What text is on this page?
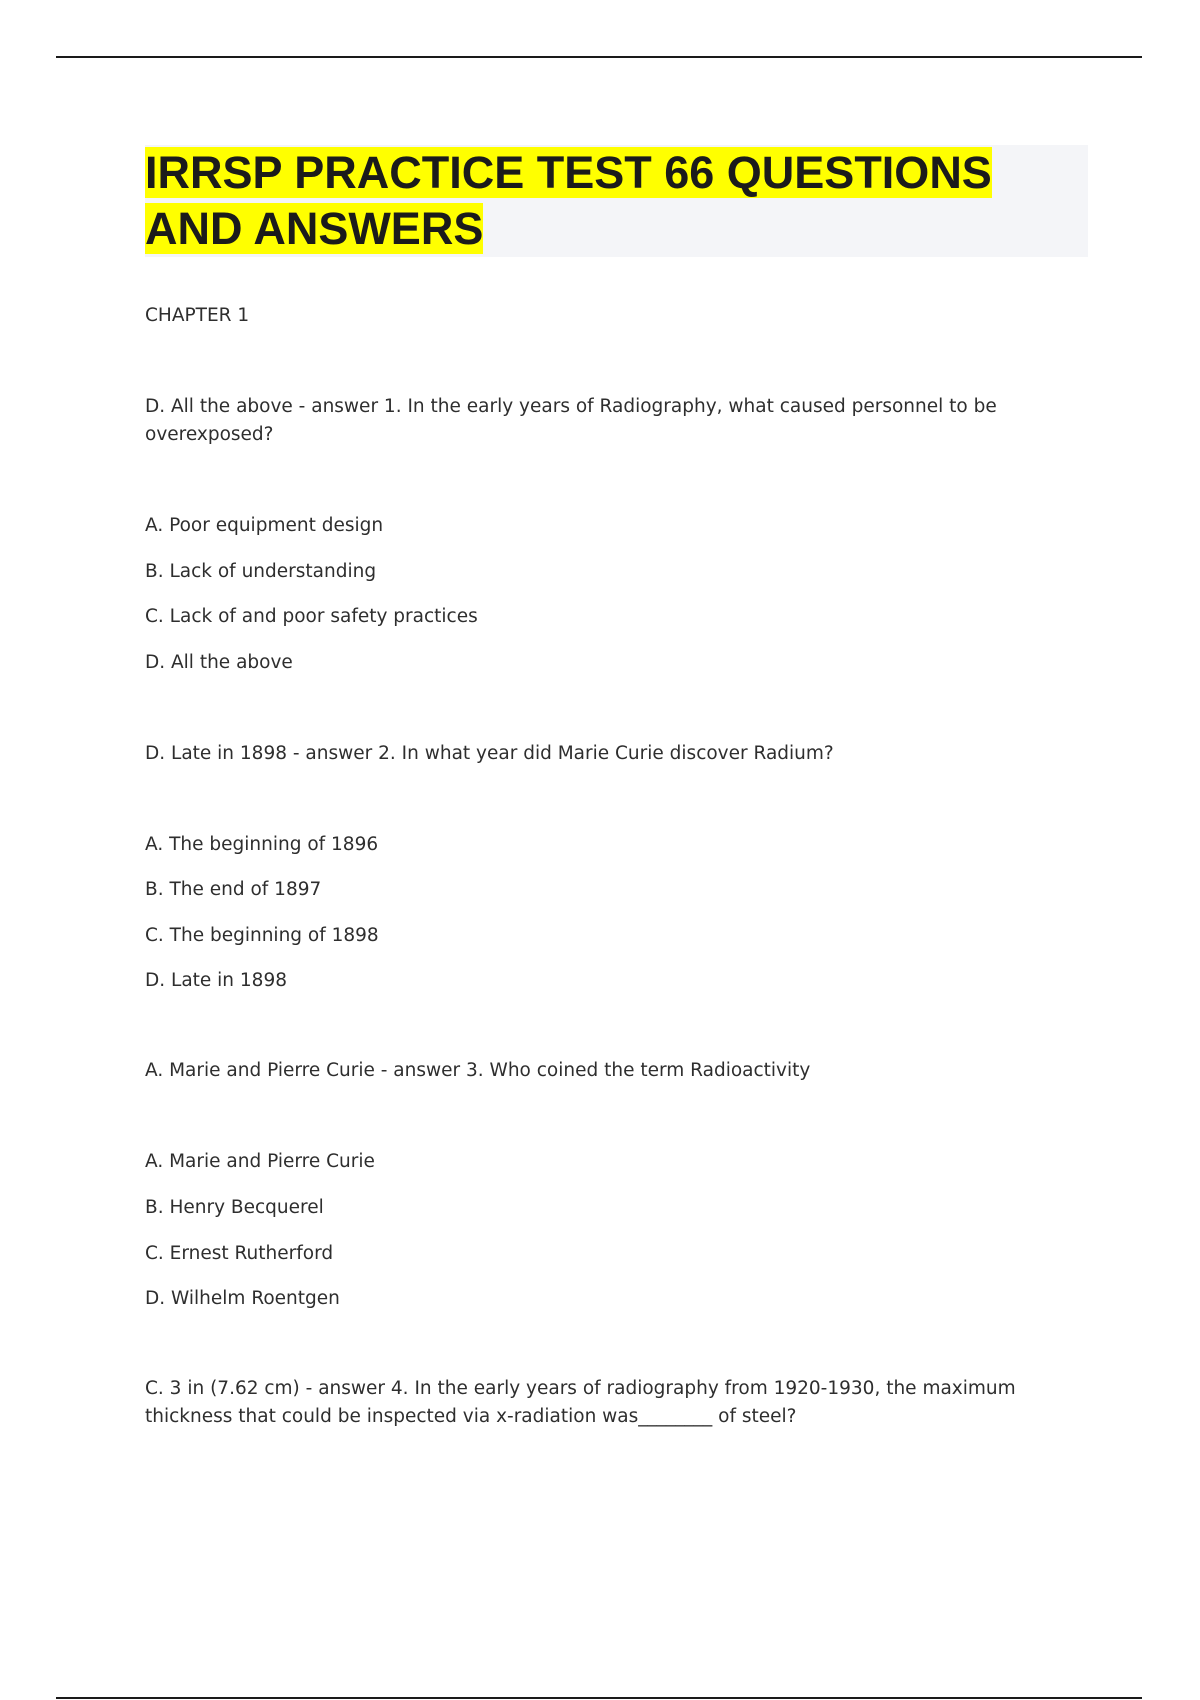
IRRSP PRACTICE TEST 66 QUESTIONS AND ANSWERS

CHAPTER 1

D. All the above - answer 1. In the early years of Radiography, what caused personnel to be overexposed?

A. Poor equipment design

B. Lack of understanding

C. Lack of and poor safety practices

D. All the above

D. Late in 1898 - answer 2. In what year did Marie Curie discover Radium?

A. The beginning of 1896

B. The end of 1897

C. The beginning of 1898

D. Late in 1898

A. Marie and Pierre Curie - answer 3. Who coined the term Radioactivity

A. Marie and Pierre Curie

B. Henry Becquerel

C. Ernest Rutherford

D. Wilhelm Roentgen

C. 3 in (7.62 cm) - answer 4. In the early years of radiography from 1920-1930, the maximum thickness that could be inspected via x-radiation was________ of steel?
